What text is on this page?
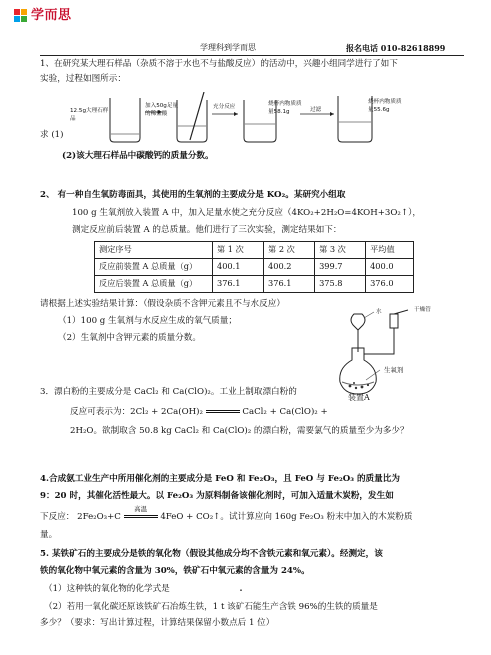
学而思
学理科到学而思	报名电话 010-82618899
1、在研究某大理石样品（杂质不溶于水也不与盐酸反应）的活动中，兴趣小组同学进行了如下
实验，过程如图所示：
12.5g大理石样品
加入50g足量的稀盐酸
充分反应	烧杯内物质质量58.1g	过滤
烧杯内物质质量55.6g
求 (1)
(2)该大理石样品中碳酸钙的质量分数。
2、 有一种自生氧防毒面具，其使用的生氧剂的主要成分是 KO₂。某研究小组取
100 g 生氧剂放入装置 A 中，加入足量水使之充分反应（4KO₂+2H₂O=4KOH+3O₂↑），
测定反应前后装置 A 的总质量。他们进行了三次实验，测定结果如下：
测定序号	第 1 次	第 2 次	第 3 次	平均值
反应前装置 A 总质量（g）	400.1	400.2	399.7	400.0
反应后装置 A 总质量（g）	376.1	376.1	375.8	376.0
请根据上述实验结果计算：（假设杂质不含钾元素且不与水反应）
（1）100 g 生氧剂与水反应生成的氧气质量；
（2）生氧剂中含钾元素的质量分数。
水	干燥管
生氧剂
装置A
3．漂白粉的主要成分是 CaCl₂ 和 Ca(ClO)₂。工业上制取漂白粉的
反应可表示为：2Cl₂ + 2Ca(OH)₂	CaCl₂ + Ca(ClO)₂ +
2H₂O。欲制取含 50.8 kg CaCl₂ 和 Ca(ClO)₂ 的漂白粉，需要氯气的质量至少为多少？
4.合成氨工业生产中所用催化剂的主要成分是 FeO 和 Fe₂O₃，且 FeO 与 Fe₂O₃ 的质量比为
9：20 时，其催化活性最大。以 Fe₂O₃ 为原料制备该催化剂时，可加入适量木炭粉，发生如
下反应： 2Fe₂O₃+C
高温
4FeO + CO₂↑。试计算应向 160g Fe₂O₃ 粉末中加入的木炭粉质
量。
5. 某铁矿石的主要成分是铁的氧化物（假设其他成分均不含铁元素和氧元素）。经测定，该
铁的氧化物中氧元素的含量为 30%，铁矿石中氧元素的含量为 24%。
（1）这种铁的氧化物的化学式是	.
（2）若用一氧化碳还原该铁矿石冶炼生铁，1 t 该矿石能生产含铁 96%的生铁的质量是
多少？（要求：写出计算过程，计算结果保留小数点后 1 位）
